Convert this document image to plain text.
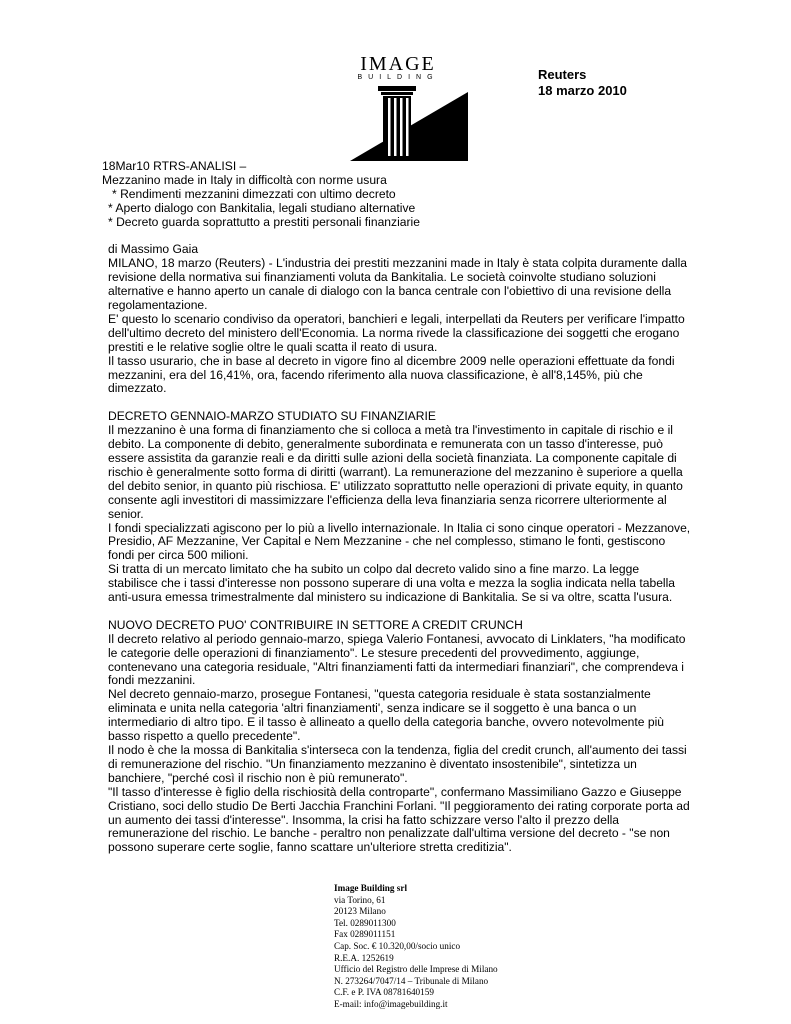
IMAGE
BUILDING	Reuters
18 marzo 2010

18Mar10 RTRS-ANALISI –

Mezzanino made in Italy in difficoltà con norme usura

* Rendimenti mezzanini dimezzati con ultimo decreto

* Aperto dialogo con Bankitalia, legali studiano alternative

* Decreto guarda soprattutto a prestiti personali finanziarie

di Massimo Gaia

MILANO, 18 marzo (Reuters) - L'industria dei prestiti mezzanini made in Italy è stata colpita duramente dalla revisione della normativa sui finanziamenti voluta da Bankitalia. Le società coinvolte studiano soluzioni alternative e hanno aperto un canale di dialogo con la banca centrale con l'obiettivo di una revisione della regolamentazione.

E' questo lo scenario condiviso da operatori, banchieri e legali, interpellati da Reuters per verificare l'impatto dell'ultimo decreto del ministero dell'Economia. La norma rivede la classificazione dei soggetti che erogano prestiti e le relative soglie oltre le quali scatta il reato di usura.

Il tasso usurario, che in base al decreto in vigore fino al dicembre 2009 nelle operazioni effettuate da fondi mezzanini, era del 16,41%, ora, facendo riferimento alla nuova classificazione, è all'8,145%, più che dimezzato.

DECRETO GENNAIO-MARZO STUDIATO SU FINANZIARIE

Il mezzanino è una forma di finanziamento che si colloca a metà tra l'investimento in capitale di rischio e il debito. La componente di debito, generalmente subordinata e remunerata con un tasso d'interesse, può essere assistita da garanzie reali e da diritti sulle azioni della società finanziata. La componente capitale di rischio è generalmente sotto forma di diritti (warrant). La remunerazione del mezzanino è superiore a quella del debito senior, in quanto più rischiosa. E' utilizzato soprattutto nelle operazioni di private equity, in quanto consente agli investitori di massimizzare l'efficienza della leva finanziaria senza ricorrere ulteriormente al senior.

I fondi specializzati agiscono per lo più a livello internazionale. In Italia ci sono cinque operatori - Mezzanove, Presidio, AF Mezzanine, Ver Capital e Nem Mezzanine - che nel complesso, stimano le fonti, gestiscono fondi per circa 500 milioni.

Si tratta di un mercato limitato che ha subito un colpo dal decreto valido sino a fine marzo. La legge stabilisce che i tassi d'interesse non possono superare di una volta e mezza la soglia indicata nella tabella anti-usura emessa trimestralmente dal ministero su indicazione di Bankitalia. Se si va oltre, scatta l'usura.

NUOVO DECRETO PUO' CONTRIBUIRE IN SETTORE A CREDIT CRUNCH

Il decreto relativo al periodo gennaio-marzo, spiega Valerio Fontanesi, avvocato di Linklaters, "ha modificato le categorie delle operazioni di finanziamento". Le stesure precedenti del provvedimento, aggiunge, contenevano una categoria residuale, "Altri finanziamenti fatti da intermediari finanziari", che comprendeva i fondi mezzanini.

Nel decreto gennaio-marzo, prosegue Fontanesi, "questa categoria residuale è stata sostanzialmente eliminata e unita nella categoria 'altri finanziamenti', senza indicare se il soggetto è una banca o un intermediario di altro tipo. E il tasso è allineato a quello della categoria banche, ovvero notevolmente più basso rispetto a quello precedente".

Il nodo è che la mossa di Bankitalia s'interseca con la tendenza, figlia del credit crunch, all'aumento dei tassi di remunerazione del rischio. "Un finanziamento mezzanino è diventato insostenibile", sintetizza un banchiere, "perché così il rischio non è più remunerato".

"Il tasso d'interesse è figlio della rischiosità della controparte", confermano Massimiliano Gazzo e Giuseppe Cristiano, soci dello studio De Berti Jacchia Franchini Forlani. "Il peggioramento dei rating corporate porta ad un aumento dei tassi d'interesse". Insomma, la crisi ha fatto schizzare verso l'alto il prezzo della remunerazione del rischio. Le banche - peraltro non penalizzate dall'ultima versione del decreto - "se non possono superare certe soglie, fanno scattare un'ulteriore stretta creditizia".

Image Building srl
via Torino, 61
20123 Milano
Tel. 0289011300
Fax 0289011151
Cap. Soc. € 10.320,00/socio unico
R.E.A. 1252619
Ufficio del Registro delle Imprese di Milano
N. 273264/7047/14 – Tribunale di Milano
C.F. e P. IVA 08781640159
E-mail: info@imagebuilding.it
